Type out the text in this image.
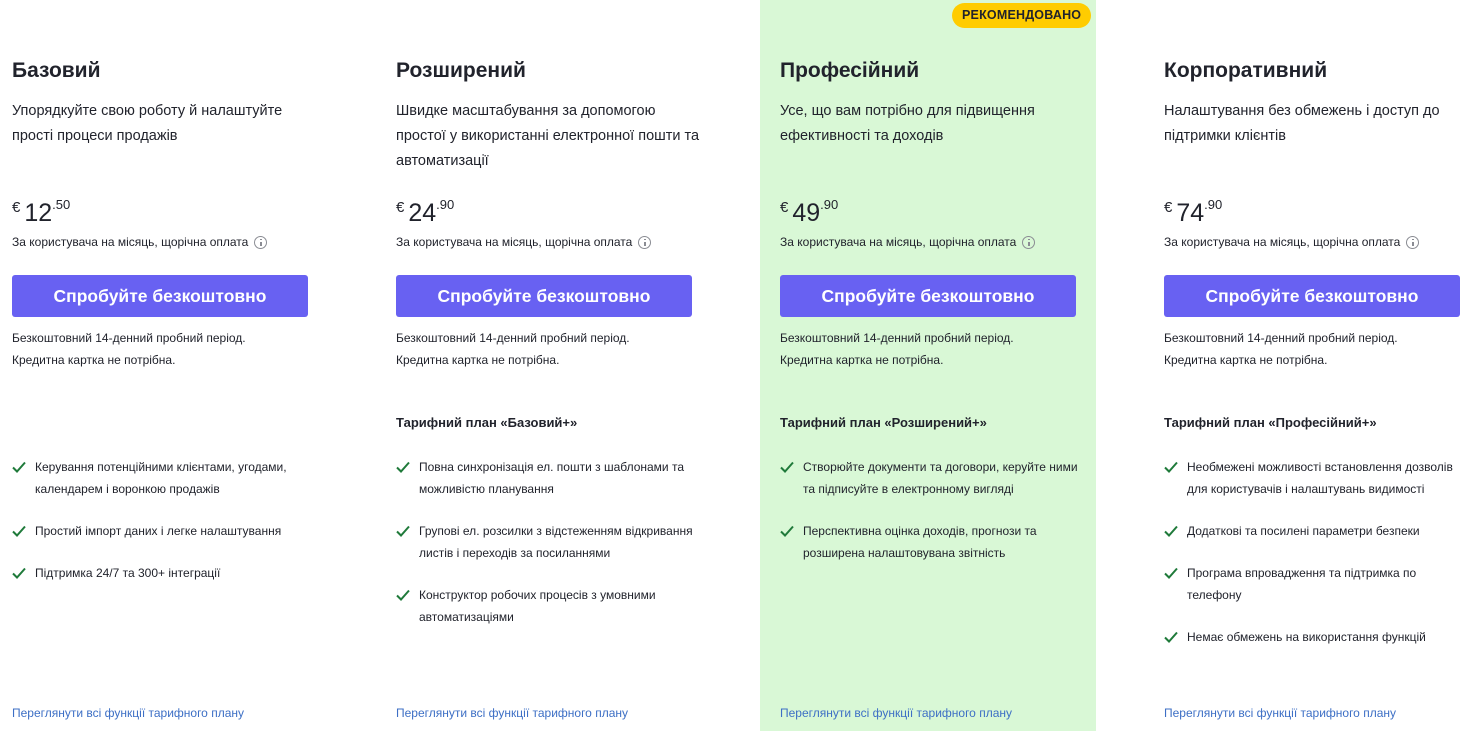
Базовий

Упорядкуйте свою роботу й налаштуйте прості процеси продажів

€ $12^{.50}$
За користувача на місяць, щорічна оплата
Спробуйте безкоштовно
Безкоштовний 14-денний пробний період.
Кредитна картка не потрібна.
Керування потенційними клієнтами, угодами, календарем і воронкою продажів
Простий імпорт даних і легке налаштування
Підтримка 24/7 та 300+ інтеграції
Переглянути всі функції тарифного плану
Розширений

Швидке масштабування за допомогою простої у використанні електронної пошти та автоматизації

€ $24^{.90}$
За користувача на місяць, щорічна оплата
Спробуйте безкоштовно
Безкоштовний 14-денний пробний період.
Кредитна картка не потрібна.
Тарифний план «Базовий+»
Повна синхронізація ел. пошти з шаблонами та можливістю планування
Групові ел. розсилки з відстеженням відкривання листів і переходів за посиланнями
Конструктор робочих процесів з умовними автоматизаціями
Переглянути всі функції тарифного плану
РЕКОМЕНДОВАНО
Професійний

Усе, що вам потрібно для підвищення ефективності та доходів

€ $49^{.90}$
За користувача на місяць, щорічна оплата
Спробуйте безкоштовно
Безкоштовний 14-денний пробний період.
Кредитна картка не потрібна.
Тарифний план «Розширений+»
Створюйте документи та договори, керуйте ними та підписуйте в електронному вигляді
Перспективна оцінка доходів, прогнози та розширена налаштовувана звітність
Переглянути всі функції тарифного плану
Корпоративний

Налаштування без обмежень і доступ до підтримки клієнтів

€ $74^{.90}$
За користувача на місяць, щорічна оплата
Спробуйте безкоштовно
Безкоштовний 14-денний пробний період.
Кредитна картка не потрібна.
Тарифний план «Професійний+»
Необмежені можливості встановлення дозволів для користувачів і налаштувань видимості
Додаткові та посилені параметри безпеки
Програма впровадження та підтримка по телефону
Немає обмежень на використання функцій
Переглянути всі функції тарифного плану
